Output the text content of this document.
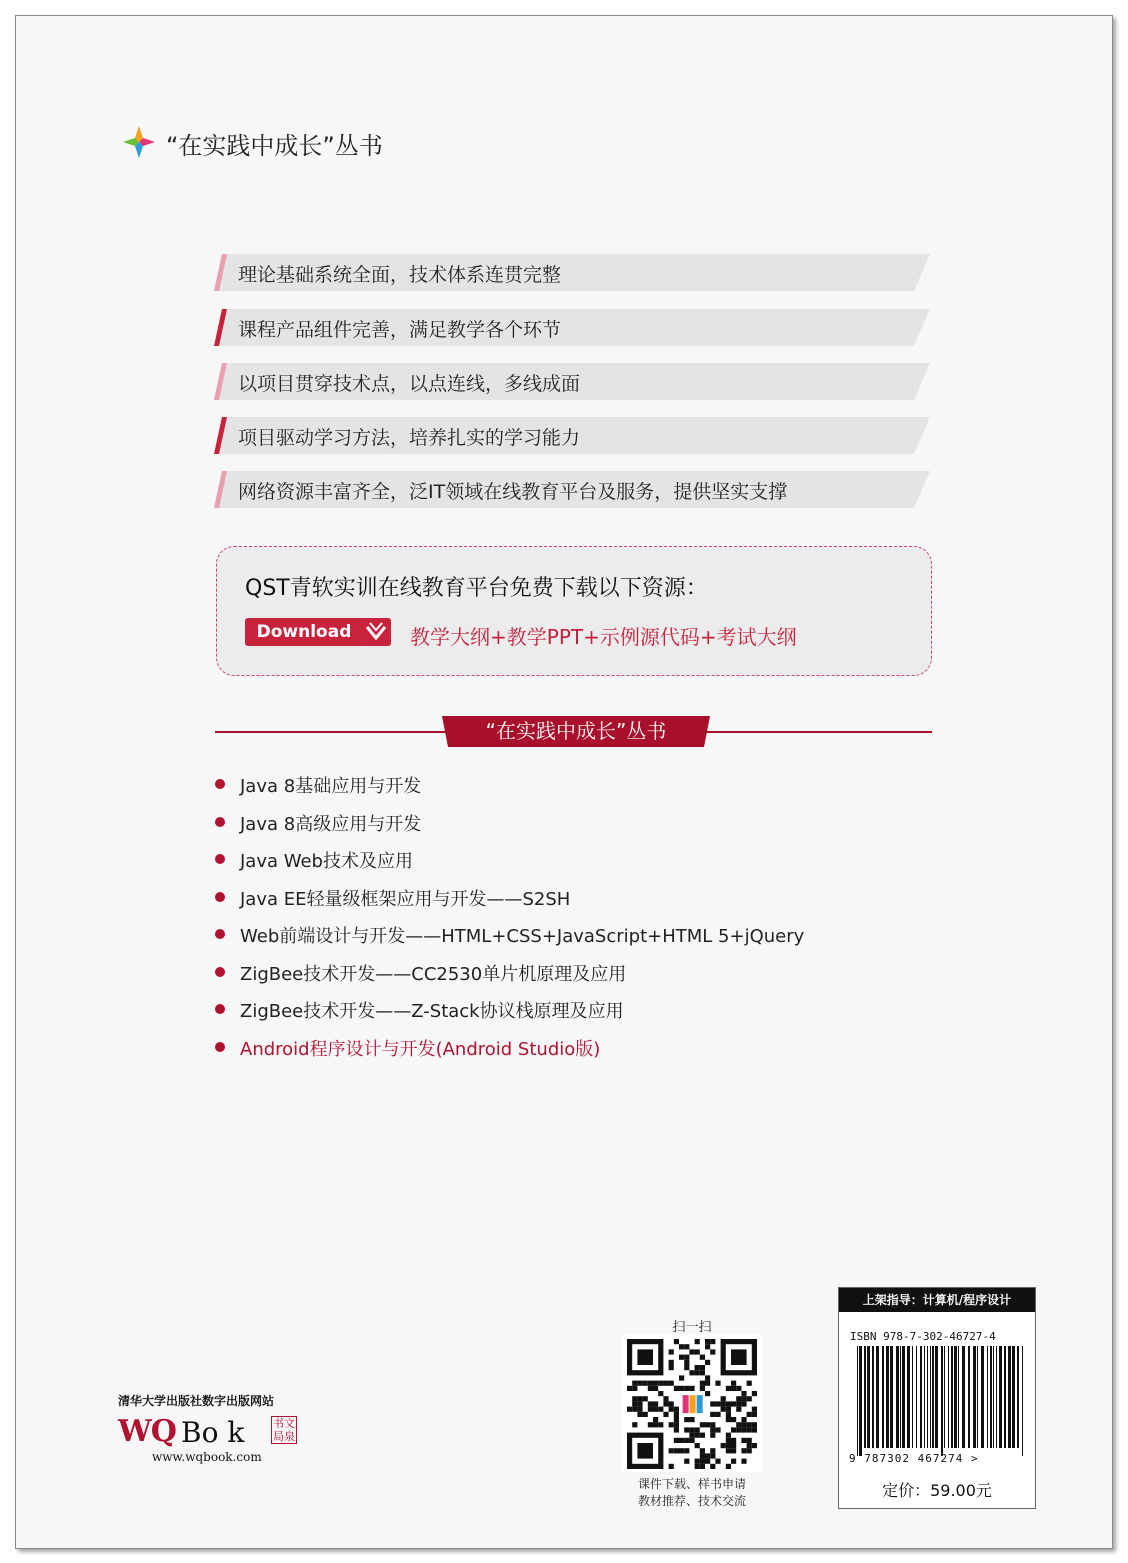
“在实践中成长”丛书
理论基础系统全面，技术体系连贯完整
课程产品组件完善，满足教学各个环节
以项目贯穿技术点，以点连线，多线成面
项目驱动学习方法，培养扎实的学习能力
网络资源丰富齐全，泛IT领域在线教育平台及服务，提供坚实支撑
QST青软实训在线教育平台免费下载以下资源：
Download	教学大纲+教学PPT+示例源代码+考试大纲
“在实践中成长”丛书
Java 8基础应用与开发
Java 8高级应用与开发
Java Web技术及应用
Java EE轻量级框架应用与开发——S2SH
Web前端设计与开发——HTML+CSS+JavaScript+HTML 5+jQuery
ZigBee技术开发——CC2530单片机原理及应用
ZigBee技术开发——Z-Stack协议栈原理及应用
Android程序设计与开发(Android Studio版)
清华大学出版社数字出版网站
WQ Bo k	书文局泉
www.wqbook.com
扫一扫
课件下载、样书申请
教材推荐、技术交流
上架指导：计算机/程序设计
ISBN 978-7-302-46727-4
9 787302 467274 >
定价：59.00元
